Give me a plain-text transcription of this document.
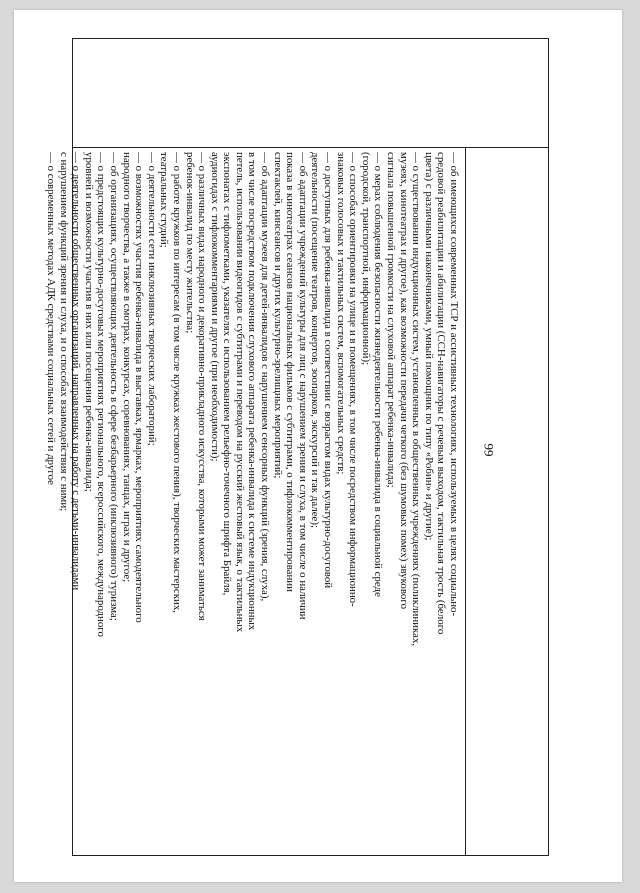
99

— об имеющихся современных ТСР и ассистивных технологиях, используемых в целях социально-

средовой реабилитации и абилитации (ССН-навигаторы с речевым выходом, тактильная трость (белого

цвета) с различными наконечниками, умный помощник по типу «Робин» и другие);

— о существовании индукционных систем, установленных в общественных учреждениях (поликлиниках,

музеях, кинотеатрах и другое), как возможности передачи четкого (без шумовых помех) звукового

сигнала повышенной громкости на слуховой аппарат ребенка-инвалида;

— о мерах соблюдения безопасности жизнедеятельности ребенка-инвалида в социальной среде

(городской, транспортной, информационной);

— о способах ориентировки на улице и в помещениях, в том числе посредством информационно-

знаковых голосовых и тактильных систем, вспомогательных средств;

— о доступных для ребенка-инвалида в соответствии с возрастом видах культурно-досуговой

деятельности (посещение театров, концертов, зоопарков, экскурсий и так далее);

— об адаптации учреждений культуры для лиц с нарушением зрения и слуха, в том числе о наличии

показа в кинотеатрах сеансов национальных фильмов с субтитрами, о тифлокомментировании

спектаклей, кинсеансов и других культурно-зрелищных мероприятий;

— об адаптации музеев для детей-инвалидов с нарушением сенсорных функций (зрения, слуха),

в том числе посредством подключения слухового аппарата ребенка-инвалида к системе индукционных

петель, использовании видеогидов с субтитрами и переводом на русский жестовый язык, о тактильных

экспонатах с тифлометками, указателях с использованием рельефно-точечного шрифта Брайля,

аудиогидах с тифлокомментариями и другое (при необходимости);

— о различных видах народного и декоративно-прикладного искусства, которыми может заниматься

ребенок-инвалид по месту жительства;

— о работе кружков по интересам (в том числе кружках жестового пения), творческих мастерских,

театральных студий;

— о деятельности сети инклюзивных творческих лабораторий;

— о возможностях участия ребенка-инвалида в выставках, ярмарках, мероприятиях самодеятельного

народного творчества, а также в смотрах, конкурсах, соревнованиях, танцах, играх и другое;

— об организациях, осуществляющих деятельность в сфере безбарьерного (инклюзивного) туризма;

— о предстоящих культурно-досуговых мероприятиях регионального, всероссийского, международного

уровней и возможности участия в них или посещения ребенка-инвалида;

— о деятельности общественных организаций, направленных на работу с детьми-инвалидами

с нарушением функций зрения и слуха, и о способах взаимодействия с ними;

— о современных методах АДК средствами социальных сетей и другое
